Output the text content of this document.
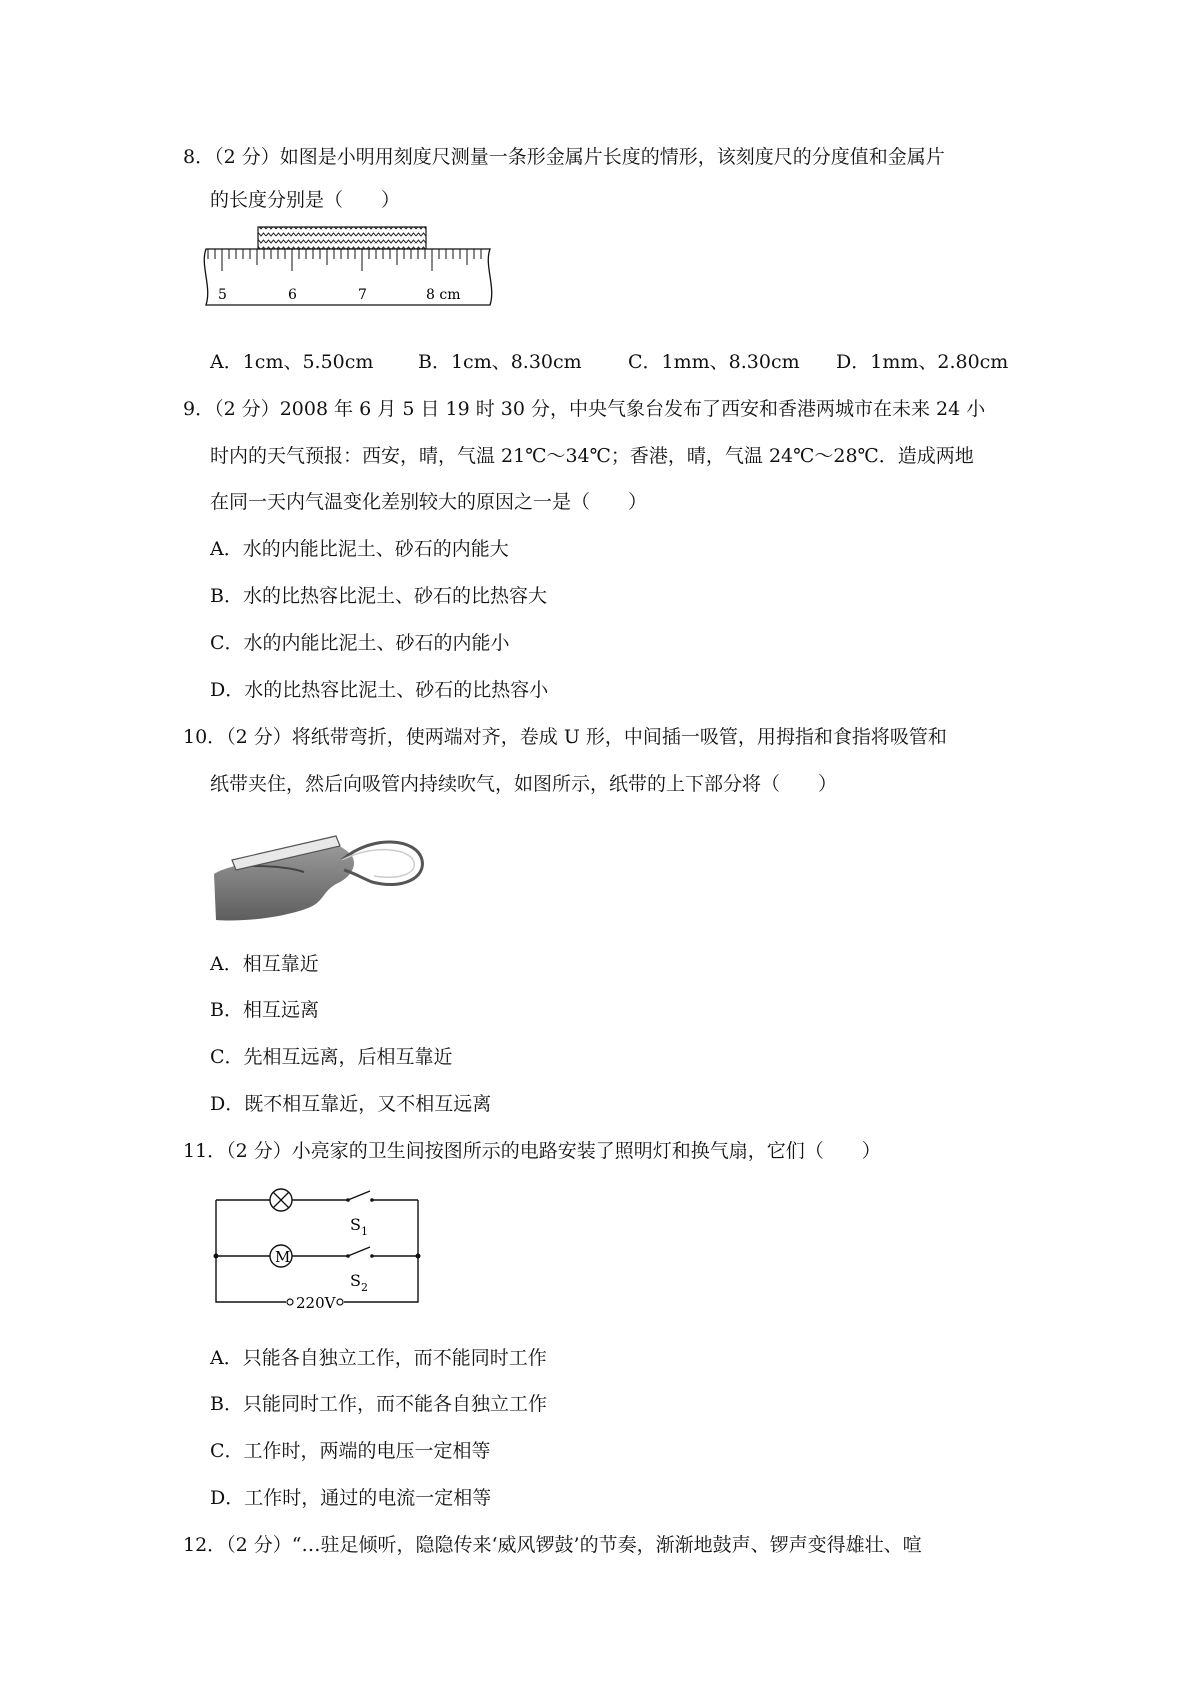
8．（2 分）如图是小明用刻度尺测量一条形金属片长度的情形，该刻度尺的分度值和金属片
的长度分别是（　　）
5	6	7	8 cm
A．1cm、5.50cm B．1cm、8.30cm C．1mm、8.30cm D．1mm、2.80cm
9．（2 分）2008 年 6 月 5 日 19 时 30 分，中央气象台发布了西安和香港两城市在未来 24 小
时内的天气预报：西安，晴，气温 21℃～34℃；香港，晴，气温 24℃～28℃．造成两地
在同一天内气温变化差别较大的原因之一是（　　）
A．水的内能比泥土、砂石的内能大
B．水的比热容比泥土、砂石的比热容大
C．水的内能比泥土、砂石的内能小
D．水的比热容比泥土、砂石的比热容小
10．（2 分）将纸带弯折，使两端对齐，卷成 U 形，中间插一吸管，用拇指和食指将吸管和
纸带夹住，然后向吸管内持续吹气，如图所示，纸带的上下部分将（　　）
A．相互靠近
B．相互远离
C．先相互远离，后相互靠近
D．既不相互靠近，又不相互远离
11．（2 分）小亮家的卫生间按图所示的电路安装了照明灯和换气扇，它们（　　）
$S_1$
M
$S_2$
220V
A．只能各自独立工作，而不能同时工作
B．只能同时工作，而不能各自独立工作
C．工作时，两端的电压一定相等
D．工作时，通过的电流一定相等
12．（2 分）“…驻足倾听，隐隐传来‘威风锣鼓’的节奏，渐渐地鼓声、锣声变得雄壮、喧
